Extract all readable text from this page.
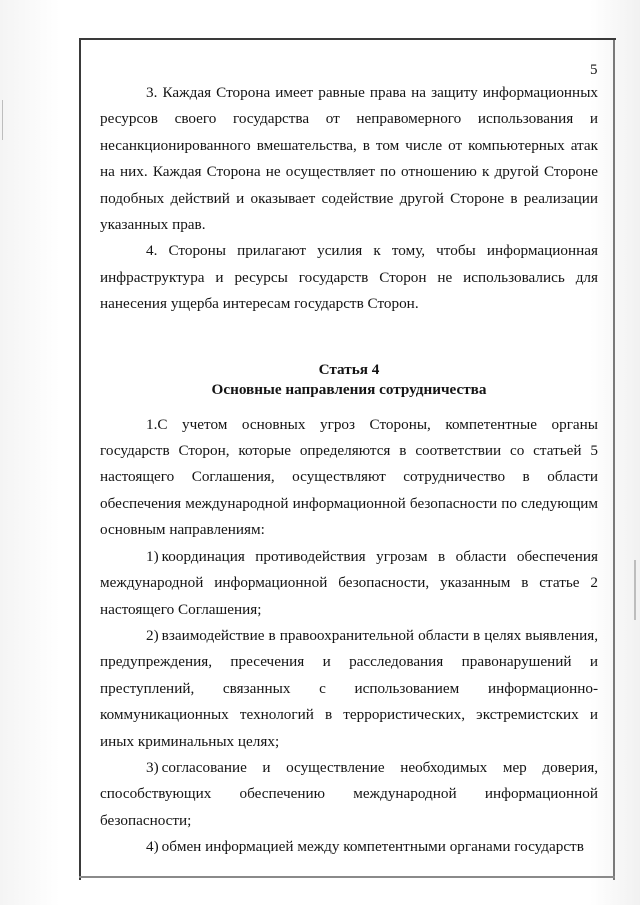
5

3. Каждая Сторона имеет равные права на защиту информационных ресурсов своего государства от неправомерного использования и несанкционированного вмешательства, в том числе от компьютерных атак на них. Каждая Сторона не осуществляет по отношению к другой Стороне подобных действий и оказывает содействие другой Стороне в реализации указанных прав.

4. Стороны прилагают усилия к тому, чтобы информационная инфраструктура и ресурсы государств Сторон не использовались для нанесения ущерба интересам государств Сторон.

Статья 4
Основные направления сотрудничества

1.С учетом основных угроз Стороны, компетентные органы государств Сторон, которые определяются в соответствии со статьей 5 настоящего Соглашения, осуществляют сотрудничество в области обеспечения международной информационной безопасности по следующим основным направлениям:

1) координация противодействия угрозам в области обеспечения международной информационной безопасности, указанным в статье 2 настоящего Соглашения;

2) взаимодействие в правоохранительной области в целях выявления, предупреждения, пресечения и расследования правонарушений и преступлений, связанных с использованием информационно-коммуникационных технологий в террористических, экстремистских и иных криминальных целях;

3) согласование и осуществление необходимых мер доверия, способствующих обеспечению международной информационной безопасности;

4) обмен информацией между компетентными органами государств
